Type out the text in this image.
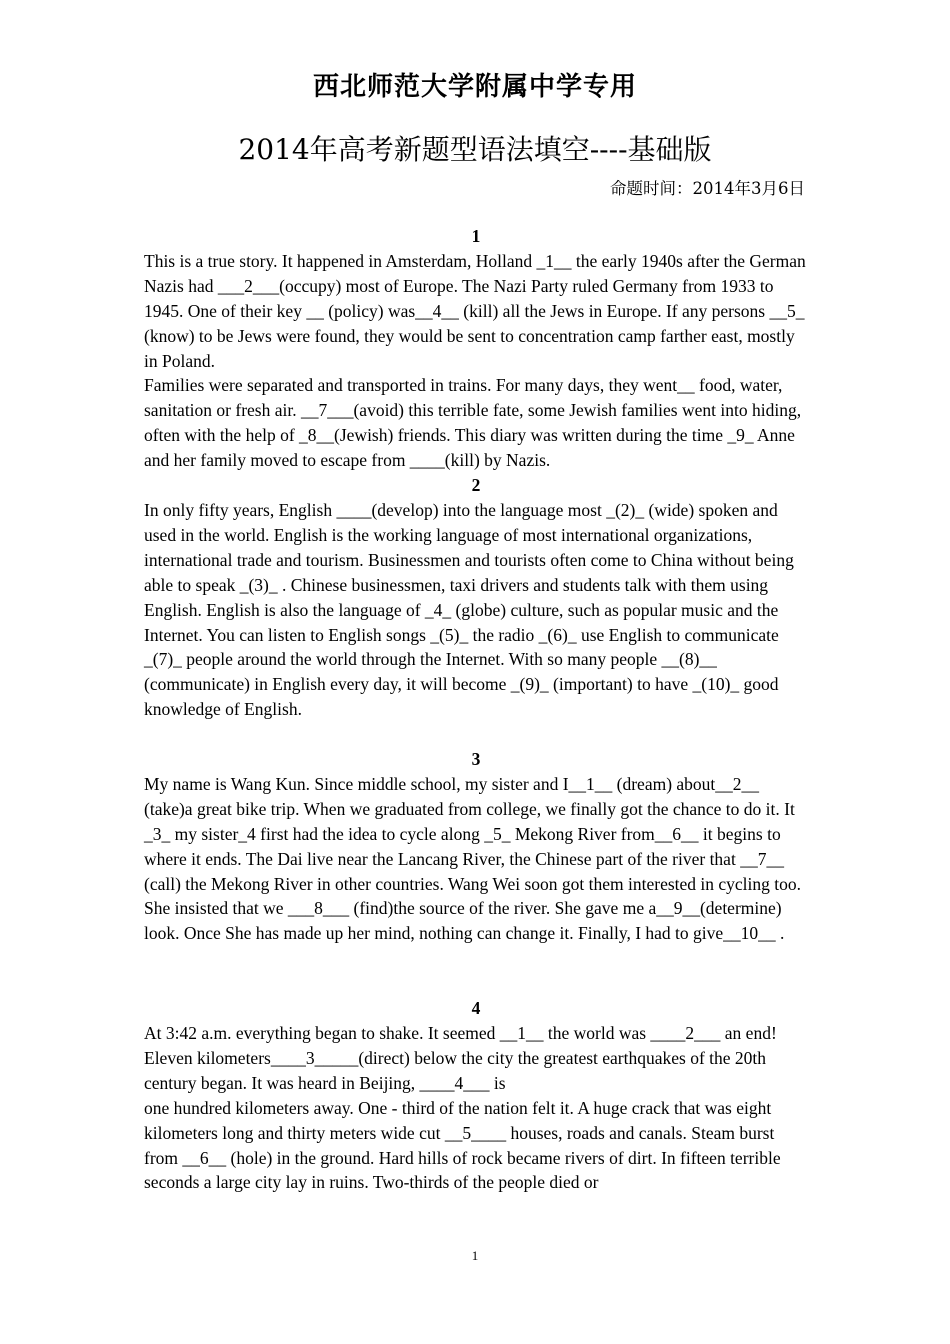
西北师范大学附属中学专用
2014年高考新题型语法填空----基础版
命题时间：2014年3月6日
1

This is a true story. It happened in Amsterdam, Holland _1__ the early 1940s after the German Nazis had ___2___(occupy) most of Europe. The Nazi Party ruled Germany from 1933 to 1945. One of their key __ (policy) was__4__ (kill) all the Jews in Europe. If any persons __5_ (know) to be Jews were found, they would be sent to concentration camp farther east, mostly in Poland.

Families were separated and transported in trains. For many days, they went__ food, water, sanitation or fresh air. __7___(avoid) this terrible fate, some Jewish families went into hiding, often with the help of _8__(Jewish) friends. This diary was written during the time _9_ Anne and her family moved to escape from ____(kill) by Nazis.

2

In only fifty years, English ____(develop) into the language most _(2)_ (wide) spoken and used in the world. English is the working language of most international organizations, international trade and tourism. Businessmen and tourists often come to China without being able to speak _(3)_ . Chinese businessmen, taxi drivers and students talk with them using English. English is also the language of _4_ (globe) culture, such as popular music and the Internet. You can listen to English songs _(5)_ the radio _(6)_ use English to communicate _(7)_ people around the world through the Internet. With so many people __(8)__ (communicate) in English every day, it will become _(9)_ (important) to have _(10)_ good knowledge of English.

3

My name is Wang Kun. Since middle school, my sister and I__1__ (dream) about__2__ (take)a great bike trip. When we graduated from college, we finally got the chance to do it. It _3_ my sister_4 first had the idea to cycle along _5_ Mekong River from__6__ it begins to where it ends. The Dai live near the Lancang River, the Chinese part of the river that __7__ (call) the Mekong River in other countries. Wang Wei soon got them interested in cycling too. She insisted that we ___8___ (find)the source of the river. She gave me a__9__(determine) look. Once She has made up her mind, nothing can change it. Finally, I had to give__10__ .

4

At 3:42 a.m. everything began to shake. It seemed __1__ the world was ____2___ an end! Eleven kilometers____3_____(direct) below the city the greatest earthquakes of the 20th century began. It was heard in Beijing, ____4___ is

one hundred kilometers away. One - third of the nation felt it. A huge crack that was eight kilometers long and thirty meters wide cut __5____ houses, roads and canals. Steam burst from __6__ (hole) in the ground. Hard hills of rock became rivers of dirt. In fifteen terrible seconds a large city lay in ruins. Two-thirds of the people died or

1
